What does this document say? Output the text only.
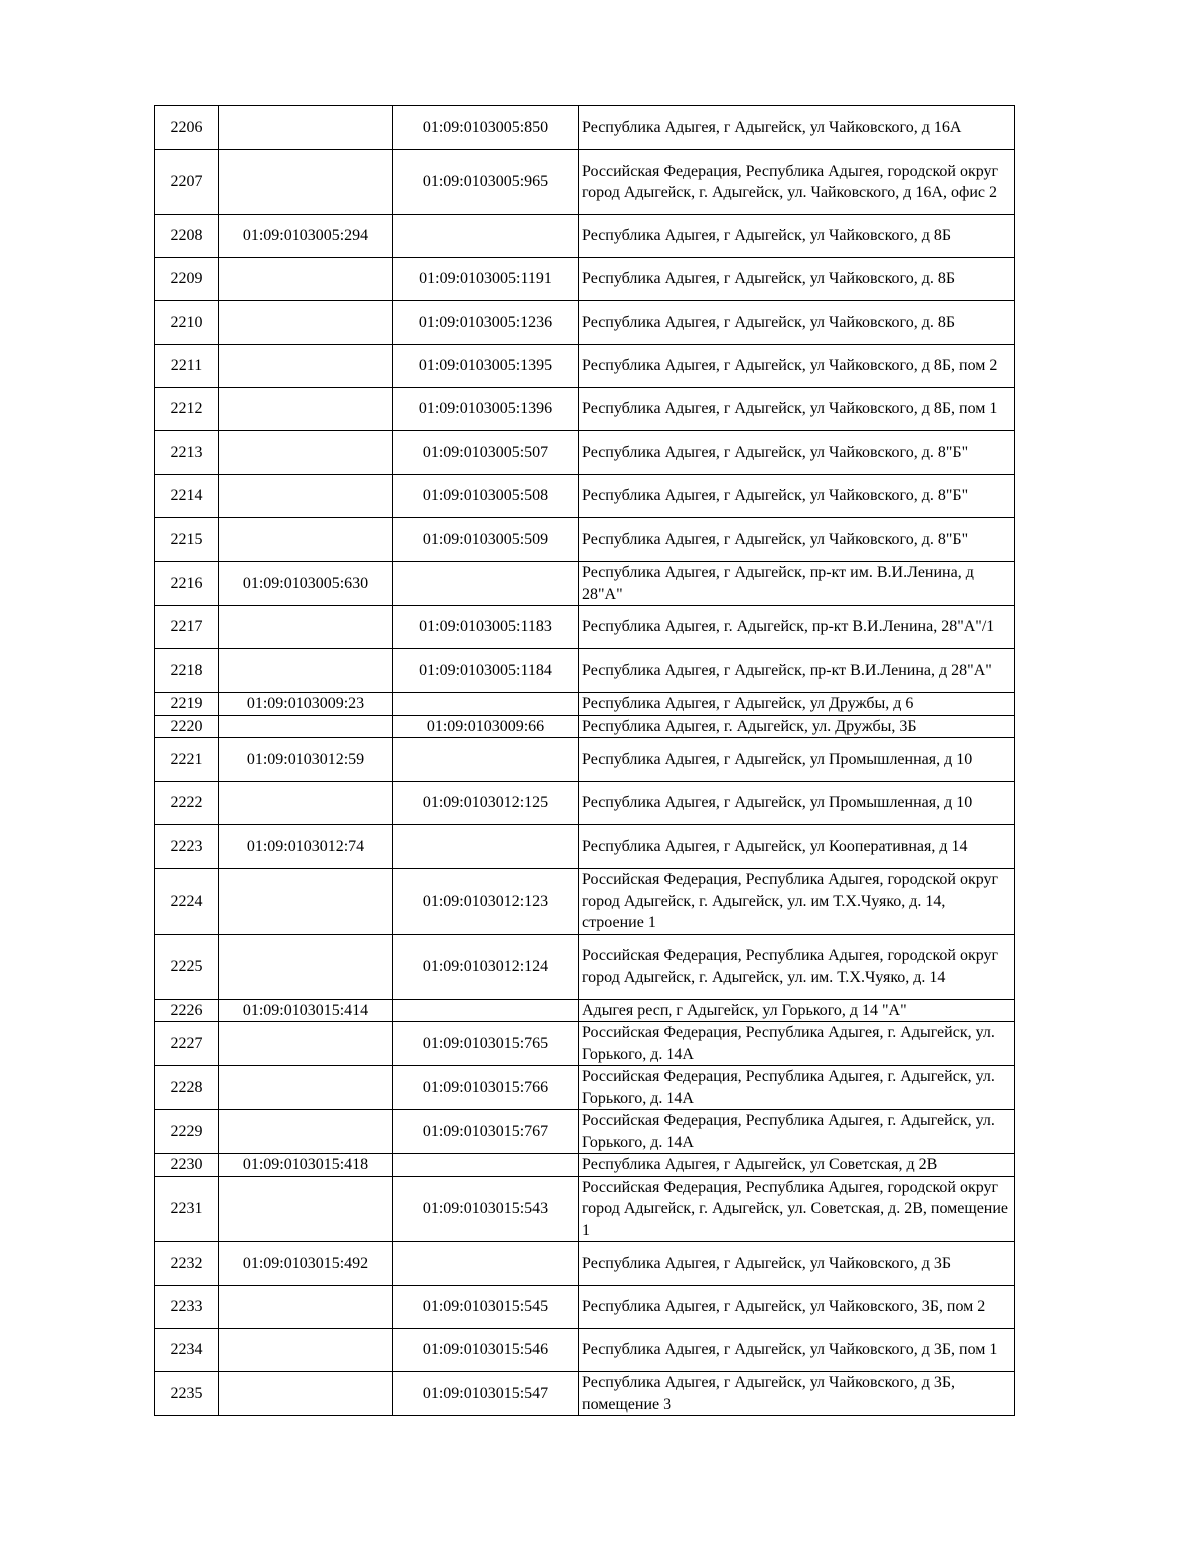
2206		01:09:0103005:850	Республика Адыгея, г Адыгейск, ул Чайковского, д 16А
2207		01:09:0103005:965	Российская Федерация, Республика Адыгея, городской округ город Адыгейск, г. Адыгейск, ул. Чайковского, д 16А, офис 2
2208	01:09:0103005:294		Республика Адыгея, г Адыгейск, ул Чайковского, д 8Б
2209		01:09:0103005:1191	Республика Адыгея, г Адыгейск, ул Чайковского, д. 8Б
2210		01:09:0103005:1236	Республика Адыгея, г Адыгейск, ул Чайковского, д. 8Б
2211		01:09:0103005:1395	Республика Адыгея, г Адыгейск, ул Чайковского, д 8Б, пом 2
2212		01:09:0103005:1396	Республика Адыгея, г Адыгейск, ул Чайковского, д 8Б, пом 1
2213		01:09:0103005:507	Республика Адыгея, г Адыгейск, ул Чайковского, д. 8"Б"
2214		01:09:0103005:508	Республика Адыгея, г Адыгейск, ул Чайковского, д. 8"Б"
2215		01:09:0103005:509	Республика Адыгея, г Адыгейск, ул Чайковского, д. 8"Б"
2216	01:09:0103005:630		Республика Адыгея, г Адыгейск, пр-кт им. В.И.Ленина, д 28"А"
2217		01:09:0103005:1183	Республика Адыгея, г. Адыгейск, пр-кт В.И.Ленина, 28"А"/1
2218		01:09:0103005:1184	Республика Адыгея, г Адыгейск, пр-кт В.И.Ленина, д 28"А"
2219	01:09:0103009:23		Республика Адыгея, г Адыгейск, ул Дружбы, д 6
2220		01:09:0103009:66	Республика Адыгея, г. Адыгейск, ул. Дружбы, 3Б
2221	01:09:0103012:59		Республика Адыгея, г Адыгейск, ул Промышленная, д 10
2222		01:09:0103012:125	Республика Адыгея, г Адыгейск, ул Промышленная, д 10
2223	01:09:0103012:74		Республика Адыгея, г Адыгейск, ул Кооперативная, д 14
2224		01:09:0103012:123	Российская Федерация, Республика Адыгея, городской округ город Адыгейск, г. Адыгейск, ул. им Т.Х.Чуяко, д. 14, строение 1
2225		01:09:0103012:124	Российская Федерация, Республика Адыгея, городской округ город Адыгейск, г. Адыгейск, ул. им. Т.Х.Чуяко, д. 14
2226	01:09:0103015:414		Адыгея респ, г Адыгейск, ул Горького, д 14 "А"
2227		01:09:0103015:765	Российская Федерация, Республика Адыгея, г. Адыгейск, ул. Горького, д. 14А
2228		01:09:0103015:766	Российская Федерация, Республика Адыгея, г. Адыгейск, ул. Горького, д. 14А
2229		01:09:0103015:767	Российская Федерация, Республика Адыгея, г. Адыгейск, ул. Горького, д. 14А
2230	01:09:0103015:418		Республика Адыгея, г Адыгейск, ул Советская, д 2В
2231		01:09:0103015:543	Российская Федерация, Республика Адыгея, городской округ город Адыгейск, г. Адыгейск, ул. Советская, д. 2В, помещение 1
2232	01:09:0103015:492		Республика Адыгея, г Адыгейск, ул Чайковского, д 3Б
2233		01:09:0103015:545	Республика Адыгея, г Адыгейск, ул Чайковского, 3Б, пом 2
2234		01:09:0103015:546	Республика Адыгея, г Адыгейск, ул Чайковского, д 3Б, пом 1
2235		01:09:0103015:547	Республика Адыгея, г Адыгейск, ул Чайковского, д 3Б, помещение 3
